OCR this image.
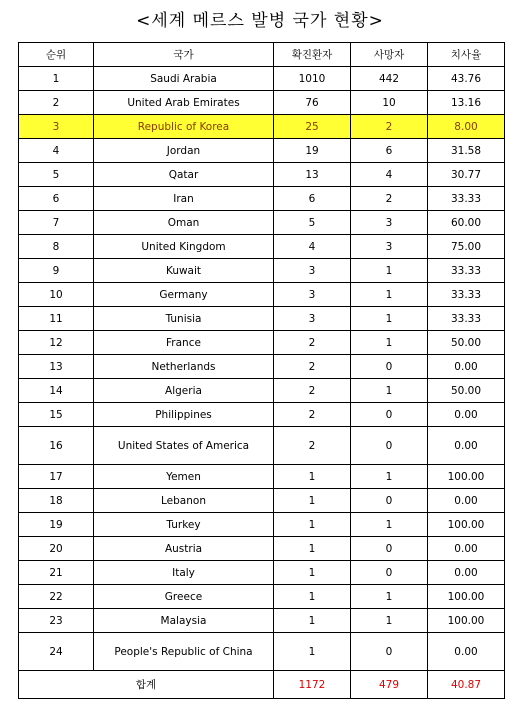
<세계 메르스 발병 국가 현황>
순위	국가	확진환자	사망자	치사율
1	Saudi Arabia	1010	442	43.76
2	United Arab Emirates	76	10	13.16
3	Republic of Korea	25	2	8.00
4	Jordan	19	6	31.58
5	Qatar	13	4	30.77
6	Iran	6	2	33.33
7	Oman	5	3	60.00
8	United Kingdom	4	3	75.00
9	Kuwait	3	1	33.33
10	Germany	3	1	33.33
11	Tunisia	3	1	33.33
12	France	2	1	50.00
13	Netherlands	2	0	0.00
14	Algeria	2	1	50.00
15	Philippines	2	0	0.00
16	United States of America	2	0	0.00
17	Yemen	1	1	100.00
18	Lebanon	1	0	0.00
19	Turkey	1	1	100.00
20	Austria	1	0	0.00
21	Italy	1	0	0.00
22	Greece	1	1	100.00
23	Malaysia	1	1	100.00
24	People's Republic of China	1	0	0.00
합계		1172	479	40.87
